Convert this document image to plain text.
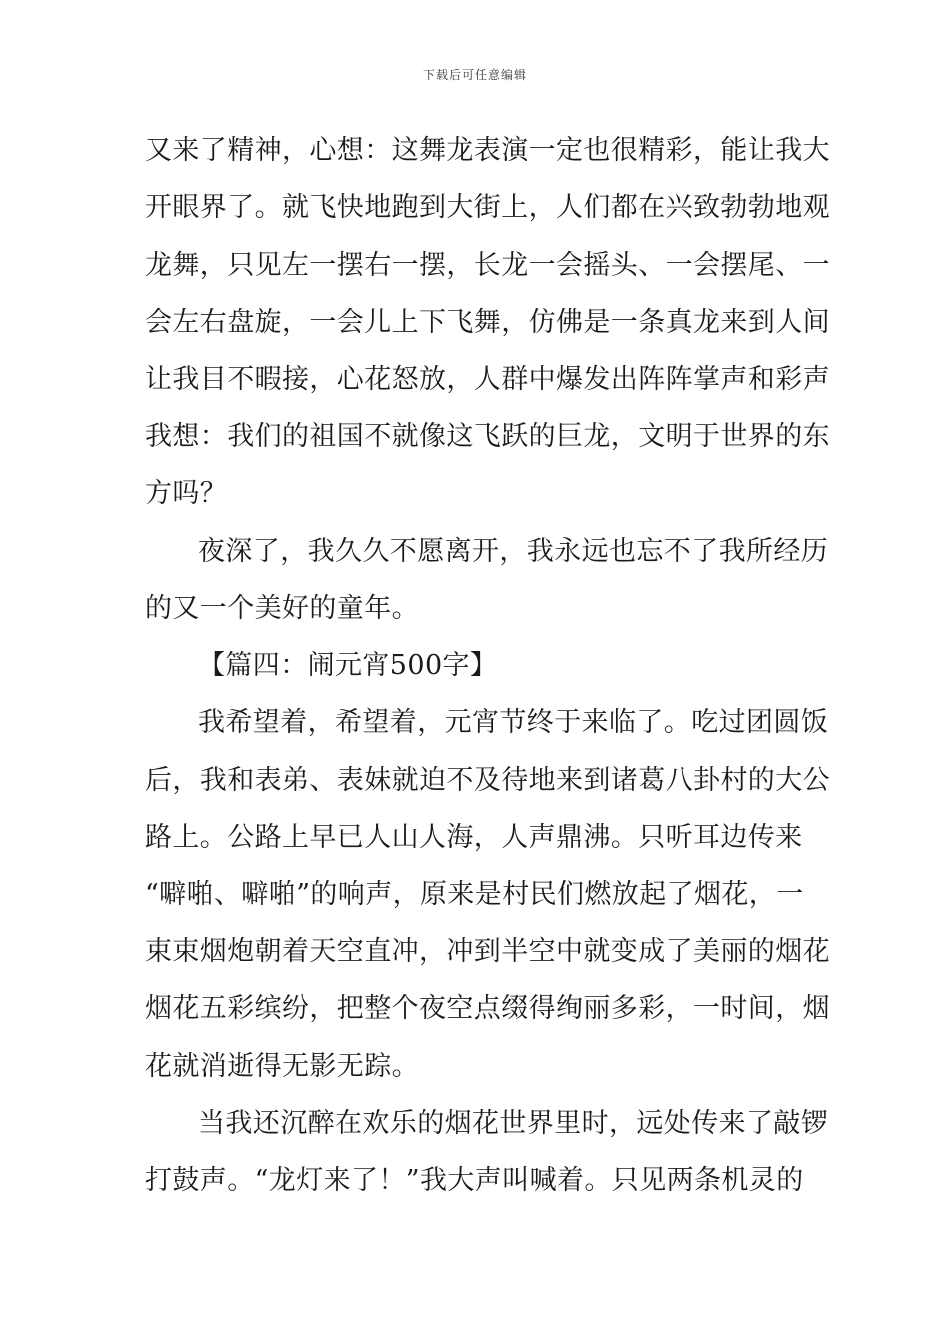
下载后可任意编辑
又来了精神，心想：这舞龙表演一定也很精彩，能让我大
开眼界了。就飞快地跑到大街上，人们都在兴致勃勃地观
龙舞，只见左一摆右一摆，长龙一会摇头、一会摆尾、一
会左右盘旋，一会儿上下飞舞，仿佛是一条真龙来到人间
让我目不暇接，心花怒放，人群中爆发出阵阵掌声和彩声
我想：我们的祖国不就像这飞跃的巨龙，文明于世界的东
方吗？
夜深了，我久久不愿离开，我永远也忘不了我所经历
的又一个美好的童年。
【篇四：闹元宵500字】
我希望着，希望着，元宵节终于来临了。吃过团圆饭
后，我和表弟、表妹就迫不及待地来到诸葛八卦村的大公
路上。公路上早已人山人海，人声鼎沸。只听耳边传来
“噼啪、噼啪”的响声，原来是村民们燃放起了烟花，一
束束烟炮朝着天空直冲，冲到半空中就变成了美丽的烟花
烟花五彩缤纷，把整个夜空点缀得绚丽多彩，一时间，烟
花就消逝得无影无踪。
当我还沉醉在欢乐的烟花世界里时，远处传来了敲锣
打鼓声。“龙灯来了！”我大声叫喊着。只见两条机灵的
